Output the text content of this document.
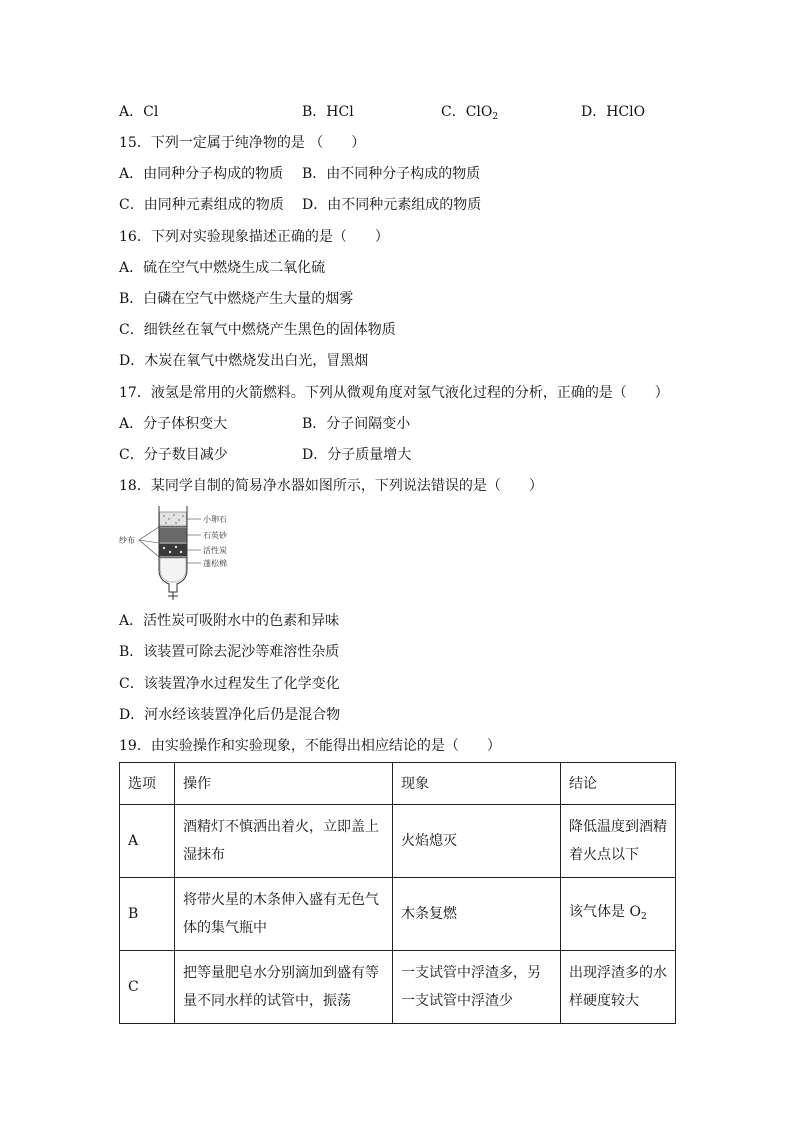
A．Cl	B．HCl	C．ClO$_2$	D．HClO
15．下列一定属于纯净物的是 （　　）
A．由同种分子构成的物质 B．由不同种分子构成的物质
C．由同种元素组成的物质 D．由不同种元素组成的物质
16．下列对实验现象描述正确的是（　　）
A．硫在空气中燃烧生成二氧化硫
B．白磷在空气中燃烧产生大量的烟雾
C．细铁丝在氧气中燃烧产生黑色的固体物质
D．木炭在氧气中燃烧发出白光，冒黑烟
17．液氢是常用的火箭燃料。下列从微观角度对氢气液化过程的分析，正确的是（　　）
A．分子体积变大	B．分子间隔变小
C．分子数目减少	D．分子质量增大
18．某同学自制的简易净水器如图所示，下列说法错误的是（　　）
纱布
小卵石
石英砂
活性炭
蓬松棉
A．活性炭可吸附水中的色素和异味
B．该装置可除去泥沙等难溶性杂质
C．该装置净水过程发生了化学变化
D．河水经该装置净化后仍是混合物
19．由实验操作和实验现象，不能得出相应结论的是（　　）
选项	操作	现象	结论
A	酒精灯不慎洒出着火，立即盖上湿抹布	火焰熄灭	降低温度到酒精着火点以下
B	将带火星的木条伸入盛有无色气体的集气瓶中	木条复燃	该气体是 $O_2$
C	把等量肥皂水分别滴加到盛有等量不同水样的试管中，振荡	一支试管中浮渣多，另一支试管中浮渣少	出现浮渣多的水样硬度较大
